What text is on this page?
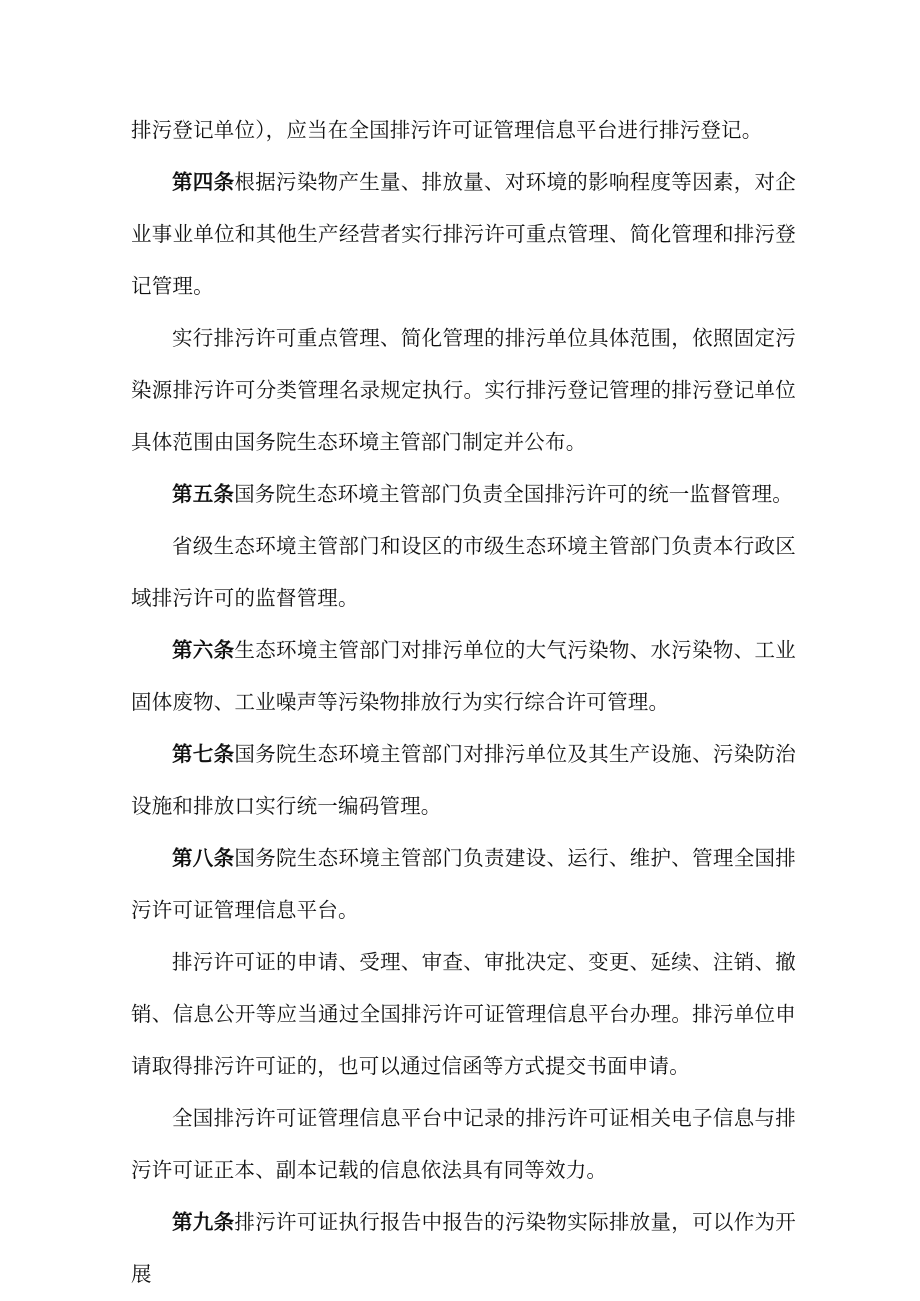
排污登记单位），应当在全国排污许可证管理信息平台进行排污登记。

第四条根据污染物产生量、排放量、对环境的影响程度等因素，对企业事业单位和其他生产经营者实行排污许可重点管理、简化管理和排污登记管理。

实行排污许可重点管理、简化管理的排污单位具体范围，依照固定污染源排污许可分类管理名录规定执行。实行排污登记管理的排污登记单位具体范围由国务院生态环境主管部门制定并公布。

第五条国务院生态环境主管部门负责全国排污许可的统一监督管理。

省级生态环境主管部门和设区的市级生态环境主管部门负责本行政区域排污许可的监督管理。

第六条生态环境主管部门对排污单位的大气污染物、水污染物、工业固体废物、工业噪声等污染物排放行为实行综合许可管理。

第七条国务院生态环境主管部门对排污单位及其生产设施、污染防治设施和排放口实行统一编码管理。

第八条国务院生态环境主管部门负责建设、运行、维护、管理全国排污许可证管理信息平台。

排污许可证的申请、受理、审查、审批决定、变更、延续、注销、撤销、信息公开等应当通过全国排污许可证管理信息平台办理。排污单位申请取得排污许可证的，也可以通过信函等方式提交书面申请。

全国排污许可证管理信息平台中记录的排污许可证相关电子信息与排污许可证正本、副本记载的信息依法具有同等效力。

第九条排污许可证执行报告中报告的污染物实际排放量，可以作为开展
